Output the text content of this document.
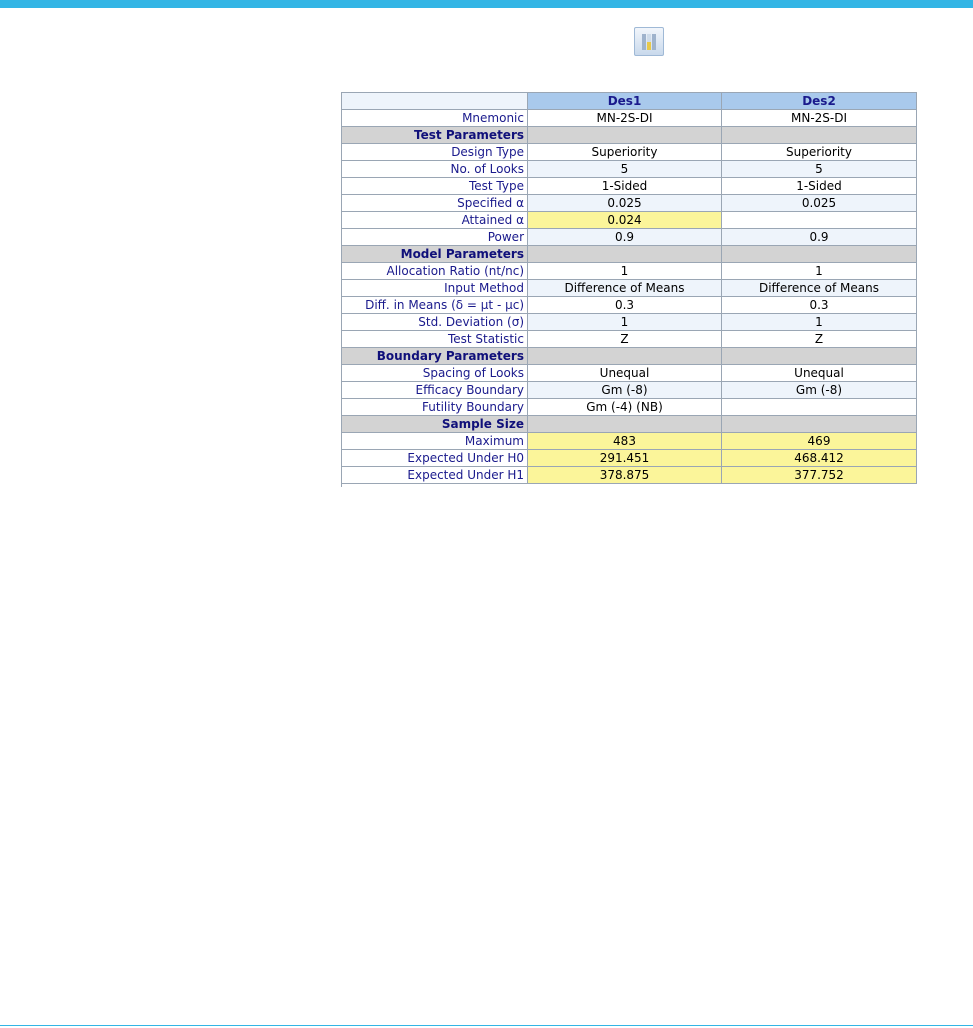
	Des1	Des2
Mnemonic	MN-2S-DI	MN-2S-DI
Test Parameters		
Design Type	Superiority	Superiority
No. of Looks	5	5
Test Type	1-Sided	1-Sided
Specified α	0.025	0.025
Attained α	0.024	
Power	0.9	0.9
Model Parameters		
Allocation Ratio (nt/nc)	1	1
Input Method	Difference of Means	Difference of Means
Diff. in Means (δ = μt - μc)	0.3	0.3
Std. Deviation (σ)	1	1
Test Statistic	Z	Z
Boundary Parameters		
Spacing of Looks	Unequal	Unequal
Efficacy Boundary	Gm (-8)	Gm (-8)
Futility Boundary	Gm (-4) (NB)	
Sample Size		
Maximum	483	469
Expected Under H0	291.451	468.412
Expected Under H1	378.875	377.752
